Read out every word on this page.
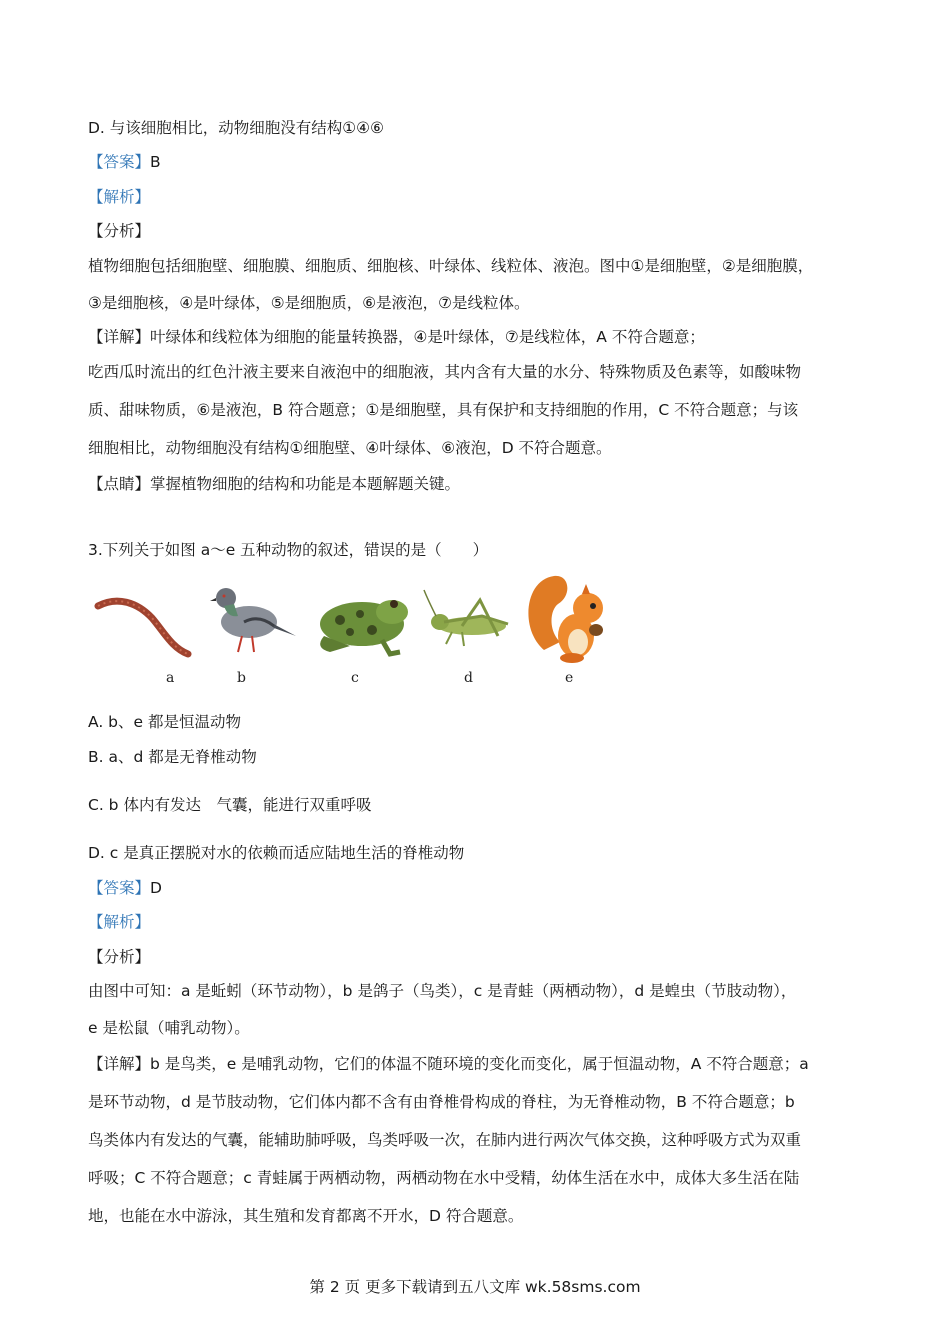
D. 与该细胞相比，动物细胞没有结构①④⑥
【答案】B
【解析】
【分析】
植物细胞包括细胞壁、细胞膜、细胞质、细胞核、叶绿体、线粒体、液泡。图中①是细胞壁，②是细胞膜，
③是细胞核，④是叶绿体，⑤是细胞质，⑥是液泡，⑦是线粒体。
【详解】叶绿体和线粒体为细胞的能量转换器，④是叶绿体，⑦是线粒体，A 不符合题意；
吃西瓜时流出的红色汁液主要来自液泡中的细胞液，其内含有大量的水分、特殊物质及色素等，如酸味物
质、甜味物质，⑥是液泡，B 符合题意；①是细胞壁，具有保护和支持细胞的作用，C 不符合题意；与该
细胞相比，动物细胞没有结构①细胞壁、④叶绿体、⑥液泡，D 不符合题意。
【点睛】掌握植物细胞的结构和功能是本题解题关键。
3.下列关于如图 a～e 五种动物的叙述，错误的是（　　）
a	b	c	d	e
A. b、e 都是恒温动物
B. a、d 都是无脊椎动物
C. b 体内有发达　气囊，能进行双重呼吸
D. c 是真正摆脱对水的依赖而适应陆地生活的脊椎动物
【答案】D
【解析】
【分析】
由图中可知：a 是蚯蚓（环节动物），b 是鸽子（鸟类），c 是青蛙（两栖动物），d 是蝗虫（节肢动物），
e 是松鼠（哺乳动物）。
【详解】b 是鸟类，e 是哺乳动物，它们的体温不随环境的变化而变化，属于恒温动物，A 不符合题意；a
是环节动物，d 是节肢动物，它们体内都不含有由脊椎骨构成的脊柱，为无脊椎动物，B 不符合题意；b
鸟类体内有发达的气囊，能辅助肺呼吸，鸟类呼吸一次，在肺内进行两次气体交换，这种呼吸方式为双重
呼吸；C 不符合题意；c 青蛙属于两栖动物，两栖动物在水中受精，幼体生活在水中，成体大多生活在陆
地，也能在水中游泳，其生殖和发育都离不开水，D 符合题意。
第 2 页 更多下载请到五八文库 wk.58sms.com
